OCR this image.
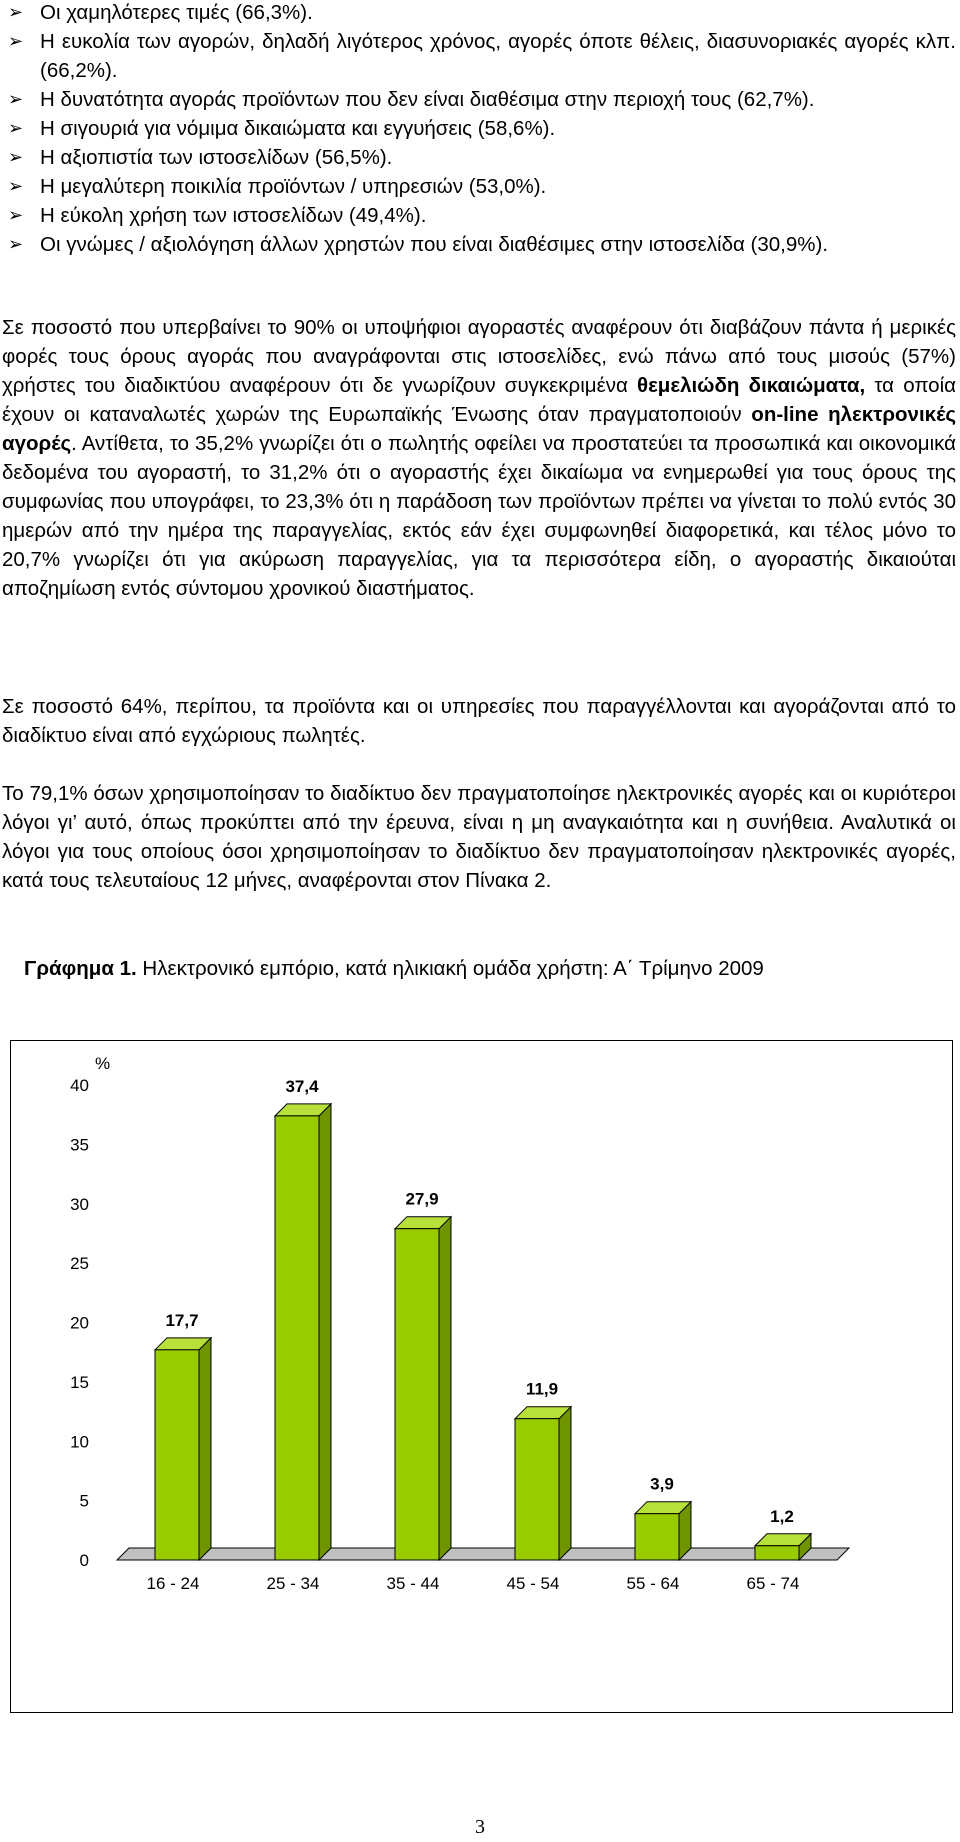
➢ Οι χαμηλότερες τιμές (66,3%).
➢ Η ευκολία των αγορών, δηλαδή λιγότερος χρόνος, αγορές όποτε θέλεις, διασυνοριακές αγορές κλπ. (66,2%).
➢ Η δυνατότητα αγοράς προϊόντων που δεν είναι διαθέσιμα στην περιοχή τους (62,7%).
➢ Η σιγουριά για νόμιμα δικαιώματα και εγγυήσεις (58,6%).
➢ Η αξιοπιστία των ιστοσελίδων (56,5%).
➢ Η μεγαλύτερη ποικιλία προϊόντων / υπηρεσιών (53,0%).
➢ Η εύκολη χρήση των ιστοσελίδων (49,4%).
➢ Οι γνώμες / αξιολόγηση άλλων χρηστών που είναι διαθέσιμες στην ιστοσελίδα (30,9%).

Σε ποσοστό που υπερβαίνει το 90% οι υποψήφιοι αγοραστές αναφέρουν ότι διαβάζουν πάντα ή μερικές φορές τους όρους αγοράς που αναγράφονται στις ιστοσελίδες, ενώ πάνω από τους μισούς (57%) χρήστες του διαδικτύου αναφέρουν ότι δε γνωρίζουν συγκεκριμένα θεμελιώδη δικαιώματα, τα οποία έχουν οι καταναλωτές χωρών της Ευρωπαϊκής Ένωσης όταν πραγματοποιούν on-line ηλεκτρονικές αγορές. Αντίθετα, το 35,2% γνωρίζει ότι ο πωλητής οφείλει να προστατεύει τα προσωπικά και οικονομικά δεδομένα του αγοραστή, το 31,2% ότι ο αγοραστής έχει δικαίωμα να ενημερωθεί για τους όρους της συμφωνίας που υπογράφει, το 23,3% ότι η παράδοση των προϊόντων πρέπει να γίνεται το πολύ εντός 30 ημερών από την ημέρα της παραγγελίας, εκτός εάν έχει συμφωνηθεί διαφορετικά, και τέλος μόνο το 20,7% γνωρίζει ότι για ακύρωση παραγγελίας, για τα περισσότερα είδη, ο αγοραστής δικαιούται αποζημίωση εντός σύντομου χρονικού διαστήματος.

Σε ποσοστό 64%, περίπου, τα προϊόντα και οι υπηρεσίες που παραγγέλλονται και αγοράζονται από το διαδίκτυο είναι από εγχώριους πωλητές.

Το 79,1% όσων χρησιμοποίησαν το διαδίκτυο δεν πραγματοποίησε ηλεκτρονικές αγορές και οι κυριότεροι λόγοι γι’ αυτό, όπως προκύπτει από την έρευνα, είναι η μη αναγκαιότητα και η συνήθεια. Αναλυτικά οι λόγοι για τους οποίους όσοι χρησιμοποίησαν το διαδίκτυο δεν πραγματοποίησαν ηλεκτρονικές αγορές, κατά τους τελευταίους 12 μήνες, αναφέρονται στον Πίνακα 2.

Γράφημα 1. Ηλεκτρονικό εμπόριο, κατά ηλικιακή ομάδα χρήστη: Α΄ Τρίμηνο 2009

0
5
10
15
20
25
30
35
40
%
17,7
16 - 24
37,4
25 - 34
27,9
35 - 44
11,9
45 - 54
3,9
55 - 64
1,2
65 - 74
3
